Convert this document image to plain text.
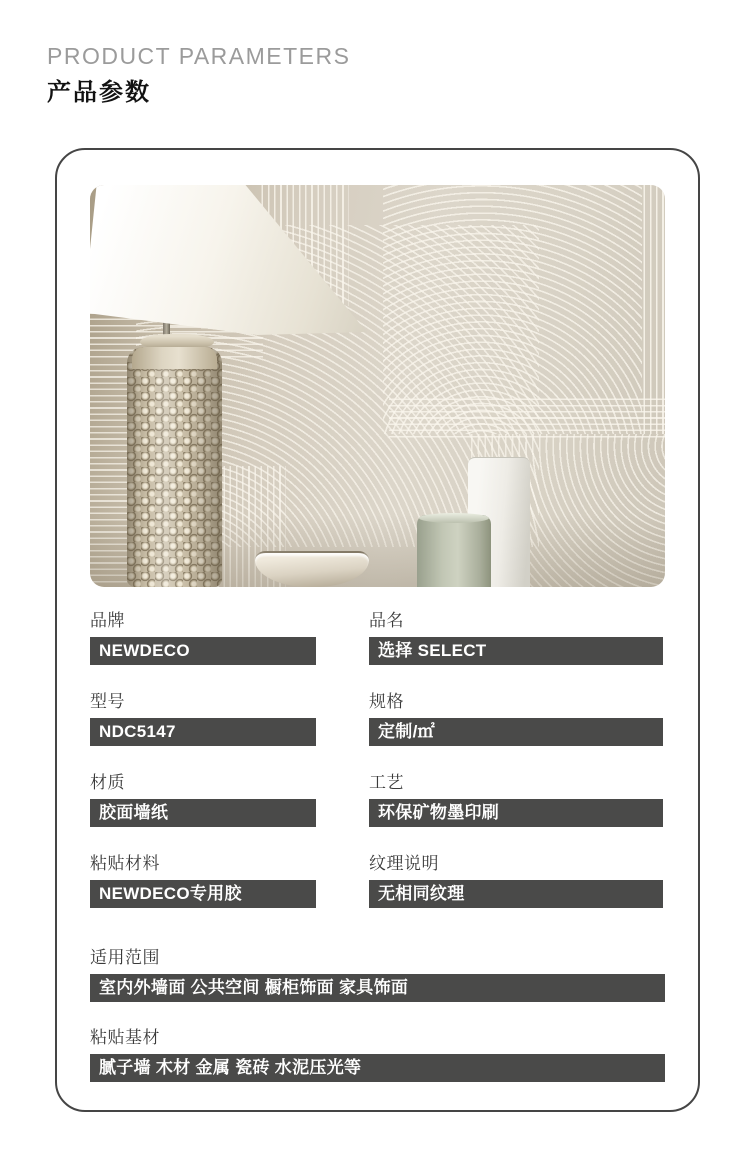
PRODUCT PARAMETERS
产品参数
品牌
NEWDECO
品名
选择 SELECT
型号
NDC5147
规格
定制/㎡
材质
胶面墙纸
工艺
环保矿物墨印刷
粘贴材料
NEWDECO专用胶
纹理说明
无相同纹理
适用范围
室内外墙面 公共空间 橱柜饰面 家具饰面
粘贴基材
腻子墙 木材 金属 瓷砖 水泥压光等
